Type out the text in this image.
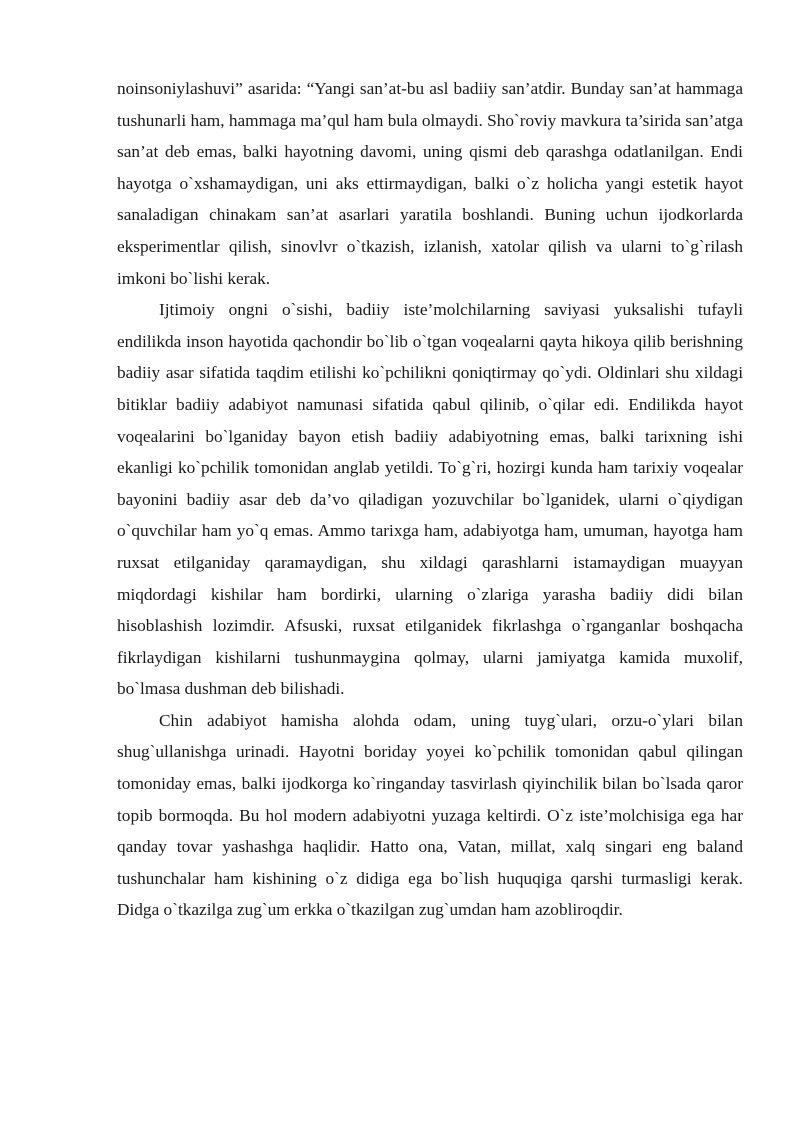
noinsoniylashuvi” asarida: “Yangi san’at-bu asl badiiy san’atdir. Bunday san’at hammaga tushunarli ham, hammaga ma’qul ham bula olmaydi. Sho`roviy mavkura ta’sirida san’atga san’at deb emas, balki hayotning davomi, uning qismi deb qarashga odatlanilgan. Endi hayotga o`xshamaydigan, uni aks ettirmaydigan, balki o`z holicha yangi estetik hayot sanaladigan chinakam san’at asarlari yaratila boshlandi. Buning uchun ijodkorlarda eksperimentlar qilish, sinovlvr o`tkazish, izlanish, xatolar qilish va ularni to`g`rilash imkoni bo`lishi kerak.

Ijtimoiy ongni o`sishi, badiiy iste’molchilarning saviyasi yuksalishi tufayli endilikda inson hayotida qachondir bo`lib o`tgan voqealarni qayta hikoya qilib berishning badiiy asar sifatida taqdim etilishi ko`pchilikni qoniqtirmay qo`ydi. Oldinlari shu xildagi bitiklar badiiy adabiyot namunasi sifatida qabul qilinib, o`qilar edi. Endilikda hayot voqealarini bo`lganiday bayon etish badiiy adabiyotning emas, balki tarixning ishi ekanligi ko`pchilik tomonidan anglab yetildi. To`g`ri, hozirgi kunda ham tarixiy voqealar bayonini badiiy asar deb da’vo qiladigan yozuvchilar bo`lganidek, ularni o`qiydigan o`quvchilar ham yo`q emas. Ammo tarixga ham, adabiyotga ham, umuman, hayotga ham ruxsat etilganiday qaramaydigan, shu xildagi qarashlarni istamaydigan muayyan miqdordagi kishilar ham bordirki, ularning o`zlariga yarasha badiiy didi bilan hisoblashish lozimdir. Afsuski, ruxsat etilganidek fikrlashga o`rganganlar boshqacha fikrlaydigan kishilarni tushunmaygina qolmay, ularni jamiyatga kamida muxolif, bo`lmasa dushman deb bilishadi.

Chin adabiyot hamisha alohda odam, uning tuyg`ulari, orzu-o`ylari bilan shug`ullanishga urinadi. Hayotni boriday yoyei ko`pchilik tomonidan qabul qilingan tomoniday emas, balki ijodkorga ko`ringanday tasvirlash qiyinchilik bilan bo`lsada qaror topib bormoqda. Bu hol modern adabiyotni yuzaga keltirdi. O`z iste’molchisiga ega har qanday tovar yashashga haqlidir. Hatto ona, Vatan, millat, xalq singari eng baland tushunchalar ham kishining o`z didiga ega bo`lish huquqiga qarshi turmasligi kerak. Didga o`tkazilga zug`um erkka o`tkazilgan zug`umdan ham azobliroqdir.
